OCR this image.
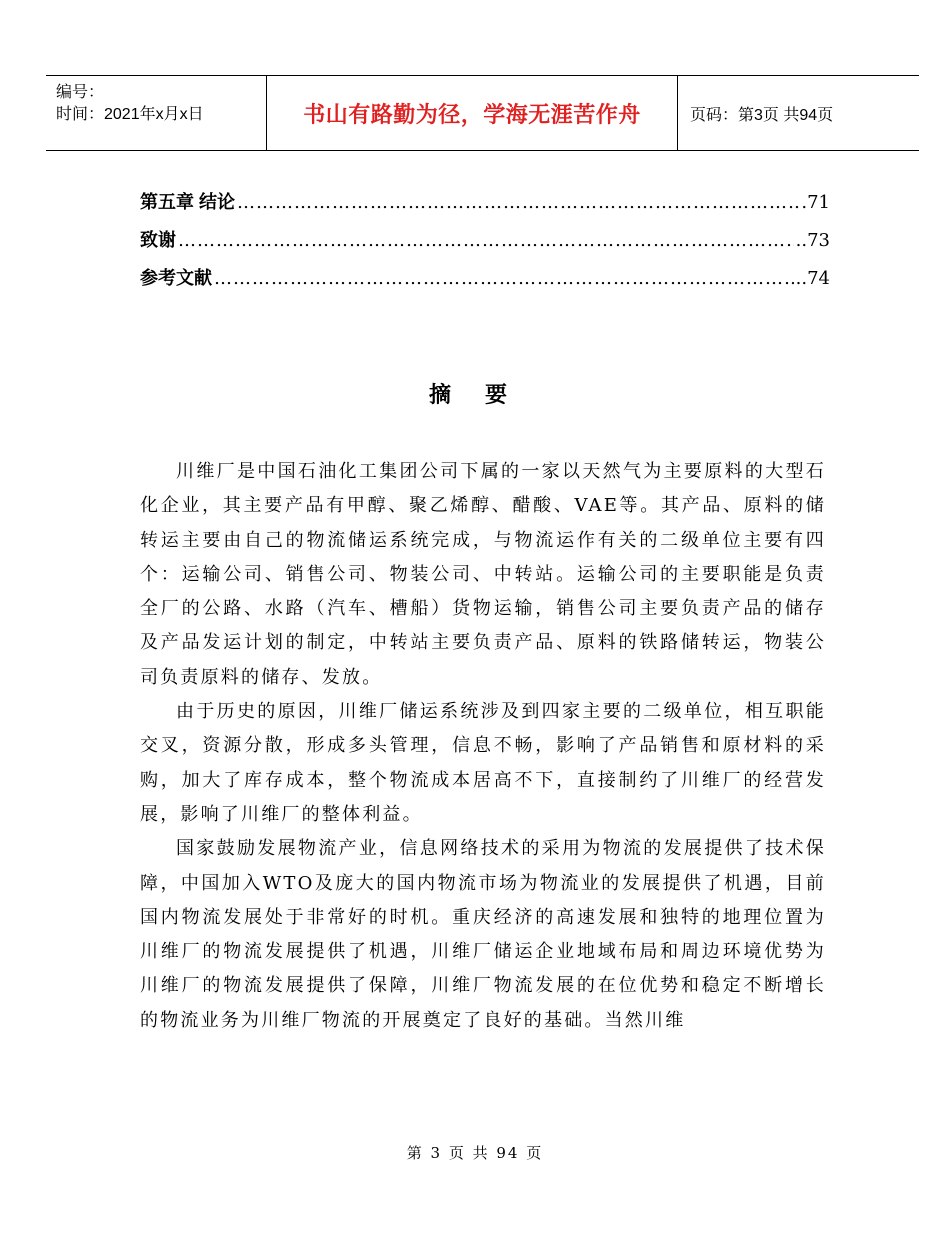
编号：
时间：2021年x月x日	书山有路勤为径，学海无涯苦作舟	页码：第3页 共94页
第五章 结论 ……………………………………………………………………………………………………………………………………………………………………	.71
致谢 ……………………………………………………………………………………………………………………………………………………………………	..73
参考文献 ……………………………………………………………………………………………………………………………………………………………………	..74
摘 要

川维厂是中国石油化工集团公司下属的一家以天然气为主要原料的大型石化企业，其主要产品有甲醇、聚乙烯醇、醋酸、VAE等。其产品、原料的储转运主要由自己的物流储运系统完成，与物流运作有关的二级单位主要有四个：运输公司、销售公司、物装公司、中转站。运输公司的主要职能是负责全厂的公路、水路（汽车、槽船）货物运输，销售公司主要负责产品的储存及产品发运计划的制定，中转站主要负责产品、原料的铁路储转运，物装公司负责原料的储存、发放。

由于历史的原因，川维厂储运系统涉及到四家主要的二级单位，相互职能交叉，资源分散，形成多头管理，信息不畅，影响了产品销售和原材料的采购，加大了库存成本，整个物流成本居高不下，直接制约了川维厂的经营发展，影响了川维厂的整体利益。

国家鼓励发展物流产业，信息网络技术的采用为物流的发展提供了技术保障，中国加入WTO及庞大的国内物流市场为物流业的发展提供了机遇，目前国内物流发展处于非常好的时机。重庆经济的高速发展和独特的地理位置为川维厂的物流发展提供了机遇，川维厂储运企业地域布局和周边环境优势为川维厂的物流发展提供了保障，川维厂物流发展的在位优势和稳定不断增长的物流业务为川维厂物流的开展奠定了良好的基础。当然川维

第 3 页 共 94 页
